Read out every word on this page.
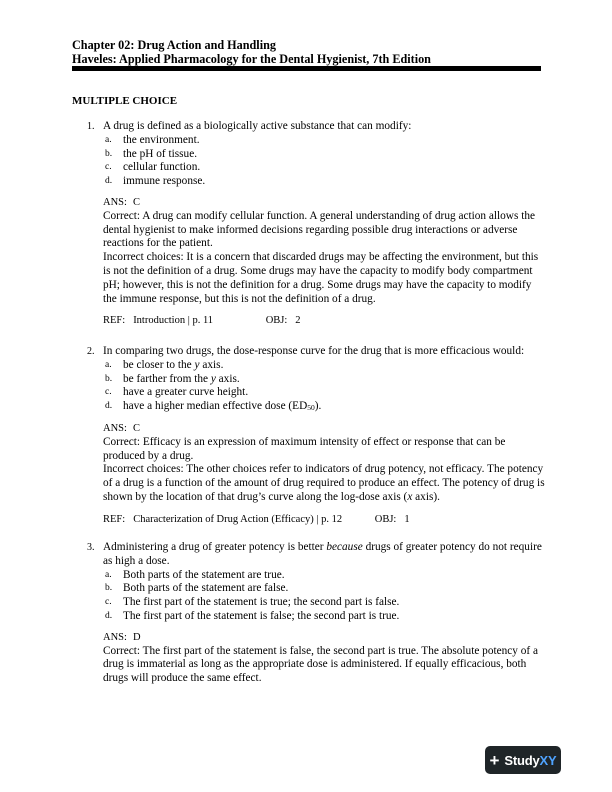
Chapter 02: Drug Action and Handling
Haveles: Applied Pharmacology for the Dental Hygienist, 7th Edition
MULTIPLE CHOICE
1. A drug is defined as a biologically active substance that can modify:
a. the environment.
b. the pH of tissue.
c. cellular function.
d. immune response.
ANS: C
Correct: A drug can modify cellular function. A general understanding of drug action allows the dental hygienist to make informed decisions regarding possible drug interactions or adverse reactions for the patient.
Incorrect choices: It is a concern that discarded drugs may be affecting the environment, but this is not the definition of a drug. Some drugs may have the capacity to modify body compartment pH; however, this is not the definition for a drug. Some drugs may have the capacity to modify the immune response, but this is not the definition of a drug.
REF: Introduction | p. 11	OBJ: 2
2. In comparing two drugs, the dose-response curve for the drug that is more efficacious would:
a. be closer to the y axis.
b. be farther from the y axis.
c. have a greater curve height.
d. have a higher median effective dose (ED50).
ANS: C
Correct: Efficacy is an expression of maximum intensity of effect or response that can be produced by a drug.
Incorrect choices: The other choices refer to indicators of drug potency, not efficacy. The potency of a drug is a function of the amount of drug required to produce an effect. The potency of drug is shown by the location of that drug’s curve along the log-dose axis (x axis).
REF: Characterization of Drug Action (Efficacy) | p. 12	OBJ: 1
3. Administering a drug of greater potency is better because drugs of greater potency do not require as high a dose.
a. Both parts of the statement are true.
b. Both parts of the statement are false.
c. The first part of the statement is true; the second part is false.
d. The first part of the statement is false; the second part is true.
ANS: D
Correct: The first part of the statement is false, the second part is true. The absolute potency of a drug is immaterial as long as the appropriate dose is administered. If equally efficacious, both drugs will produce the same effect.
+ StudyXY
